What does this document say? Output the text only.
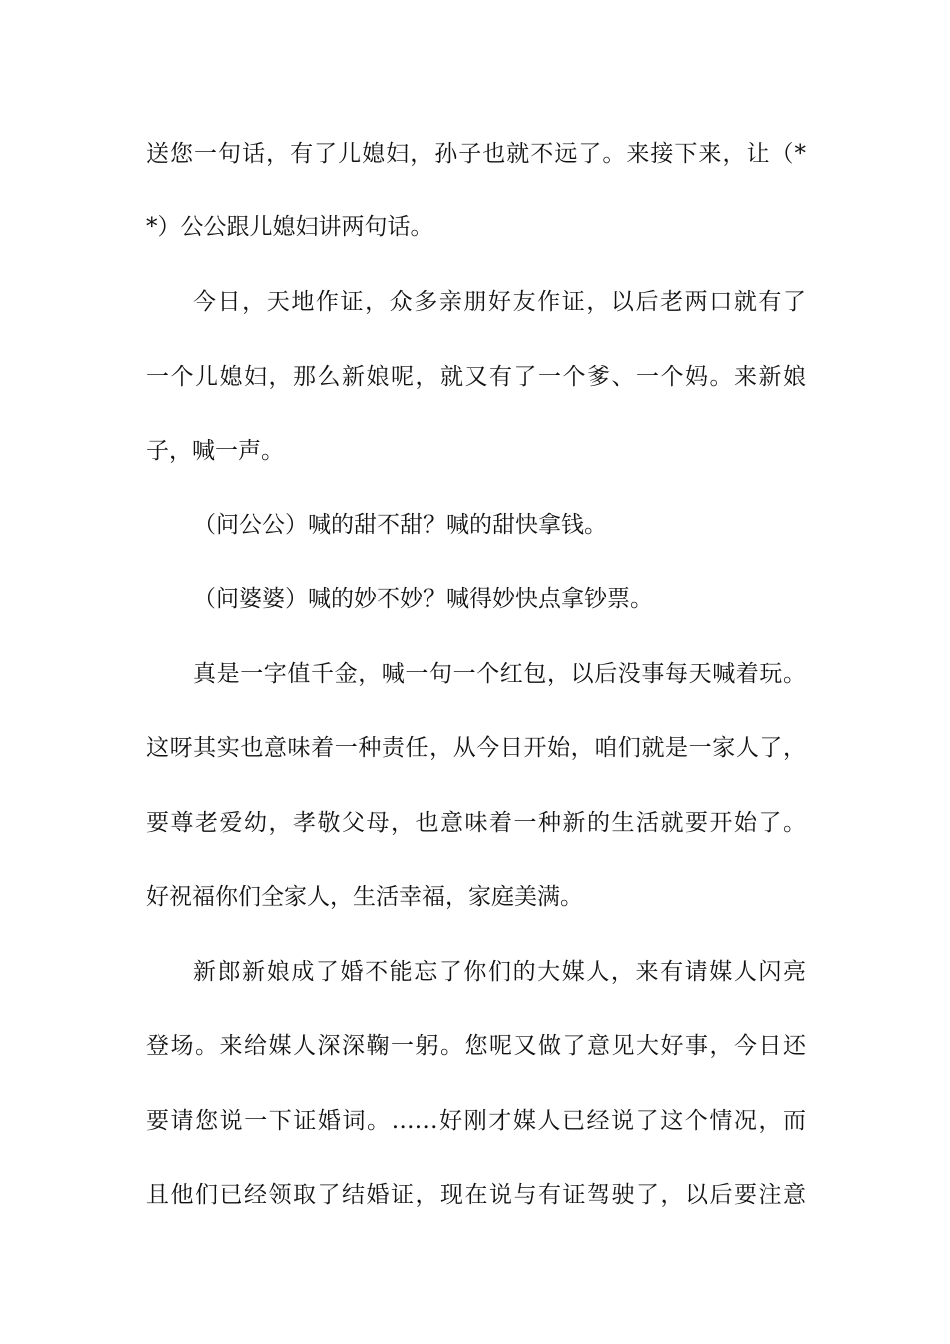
送您一句话，有了儿媳妇，孙子也就不远了。来接下来，让（*
*）公公跟儿媳妇讲两句话。
今日，天地作证，众多亲朋好友作证，以后老两口就有了
一个儿媳妇，那么新娘呢，就又有了一个爹、一个妈。来新娘
子，喊一声。
（问公公）喊的甜不甜？喊的甜快拿钱。
（问婆婆）喊的妙不妙？喊得妙快点拿钞票。
真是一字值千金，喊一句一个红包，以后没事每天喊着玩。
这呀其实也意味着一种责任，从今日开始，咱们就是一家人了，
要尊老爱幼，孝敬父母，也意味着一种新的生活就要开始了。
好祝福你们全家人，生活幸福，家庭美满。
新郎新娘成了婚不能忘了你们的大媒人，来有请媒人闪亮
登场。来给媒人深深鞠一躬。您呢又做了意见大好事，今日还
要请您说一下证婚词。……好刚才媒人已经说了这个情况，而
且他们已经领取了结婚证，现在说与有证驾驶了，以后要注意
